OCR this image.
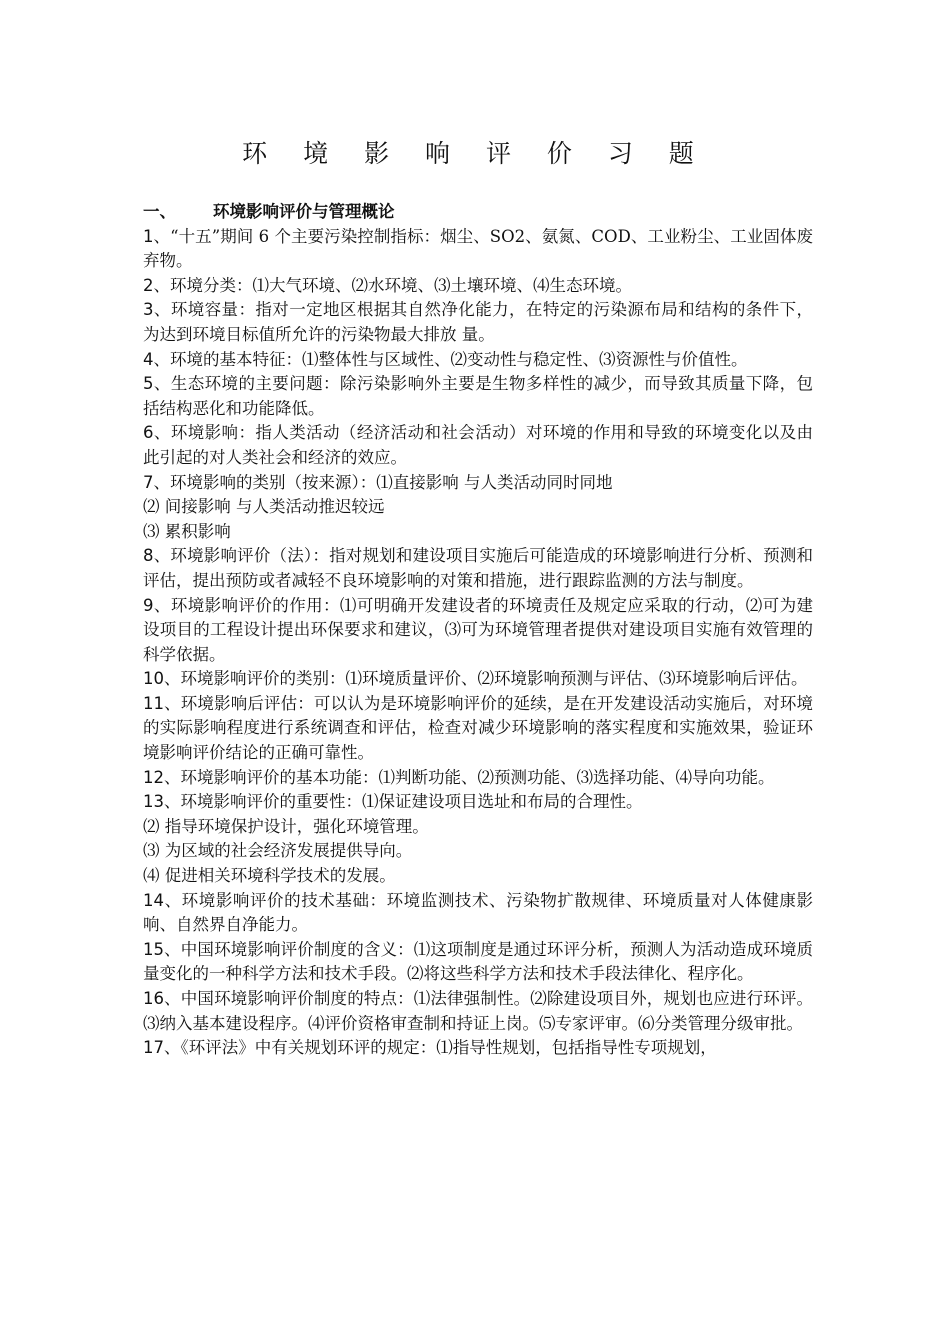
环 境 影 响 评 价 习 题
一、 环境影响评价与管理概论
1、“十五”期间 6 个主要污染控制指标：烟尘、SO2、氨氮、COD、工业粉尘、工业固体废弃物。
2、环境分类：⑴大气环境、⑵水环境、⑶土壤环境、⑷生态环境。
3、环境容量：指对一定地区根据其自然净化能力，在特定的污染源布局和结构的条件下，为达到环境目标值所允许的污染物最大排放 量。
4、环境的基本特征：⑴整体性与区域性、⑵变动性与稳定性、⑶资源性与价值性。
5、生态环境的主要问题：除污染影响外主要是生物多样性的减少，而导致其质量下降，包括结构恶化和功能降低。
6、环境影响：指人类活动（经济活动和社会活动）对环境的作用和导致的环境变化以及由此引起的对人类社会和经济的效应。
7、环境影响的类别（按来源）：⑴直接影响 与人类活动同时同地
⑵ 间接影响 与人类活动推迟较远
⑶ 累积影响
8、环境影响评价（法）：指对规划和建设项目实施后可能造成的环境影响进行分析、预测和评估，提出预防或者减轻不良环境影响的对策和措施，进行跟踪监测的方法与制度。
9、环境影响评价的作用：⑴可明确开发建设者的环境责任及规定应采取的行动，⑵可为建设项目的工程设计提出环保要求和建议，⑶可为环境管理者提供对建设项目实施有效管理的科学依据。
10、环境影响评价的类别：⑴环境质量评价、⑵环境影响预测与评估、⑶环境影响后评估。
11、环境影响后评估：可以认为是环境影响评价的延续，是在开发建设活动实施后，对环境的实际影响程度进行系统调查和评估，检查对减少环境影响的落实程度和实施效果，验证环境影响评价结论的正确可靠性。
12、环境影响评价的基本功能：⑴判断功能、⑵预测功能、⑶选择功能、⑷导向功能。
13、环境影响评价的重要性：⑴保证建设项目选址和布局的合理性。
⑵ 指导环境保护设计，强化环境管理。
⑶ 为区域的社会经济发展提供导向。
⑷ 促进相关环境科学技术的发展。
14、环境影响评价的技术基础：环境监测技术、污染物扩散规律、环境质量对人体健康影响、自然界自净能力。
15、中国环境影响评价制度的含义：⑴这项制度是通过环评分析，预测人为活动造成环境质量变化的一种科学方法和技术手段。⑵将这些科学方法和技术手段法律化、程序化。
16、中国环境影响评价制度的特点：⑴法律强制性。⑵除建设项目外，规划也应进行环评。⑶纳入基本建设程序。⑷评价资格审查制和持证上岗。⑸专家评审。⑹分类管理分级审批。
17、《环评法》中有关规划环评的规定：⑴指导性规划，包括指导性专项规划，
